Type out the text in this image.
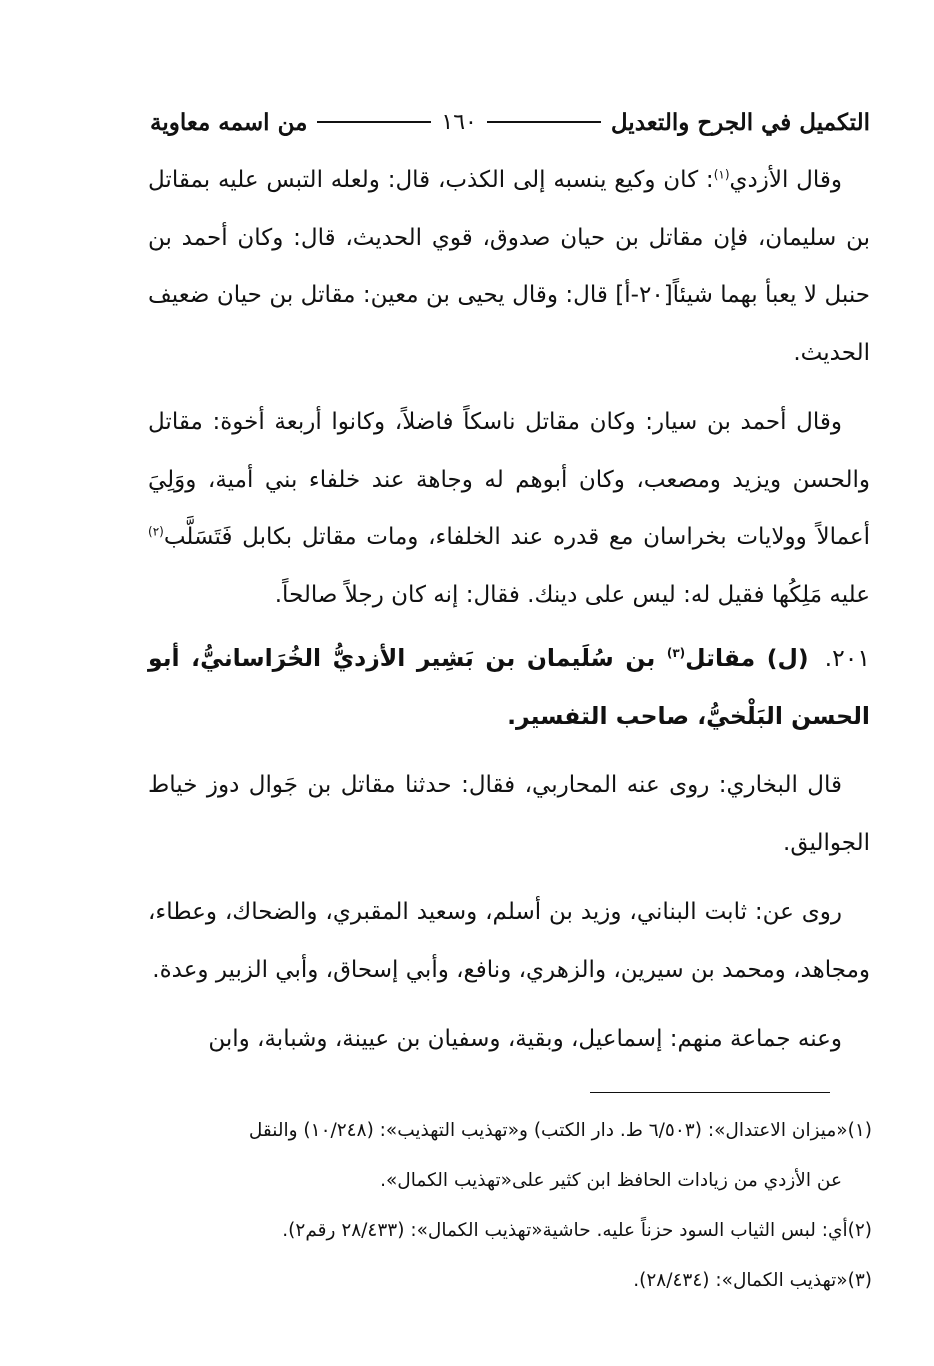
التكميل في الجرح والتعديل
١٦٠
من اسمه معاوية

وقال الأزدي$^{(١)}$: كان وكيع ينسبه إلى الكذب، قال: ولعله التبس عليه بمقاتل بن سليمان، فإن مقاتل بن حيان صدوق، قوي الحديث، قال: وكان أحمد بن حنبل لا يعبأ بهما شيئاً[٢٠-أ] قال: وقال يحيى بن معين: مقاتل بن حيان ضعيف الحديث.

وقال أحمد بن سيار: وكان مقاتل ناسكاً فاضلاً، وكانوا أربعة أخوة: مقاتل والحسن ويزيد ومصعب، وكان أبوهم له وجاهة عند خلفاء بني أمية، ووَلِيَ أعمالاً وولايات بخراسان مع قدره عند الخلفاء، ومات مقاتل بكابل فَتَسَلَّب$^{(٢)}$ عليه مَلِكُها فقيل له: ليس على دينك. فقال: إنه كان رجلاً صالحاً.

٢٠١.(ل) مقاتل$^{(٣)}$ بن سُلَيمان بن بَشِير الأزديُّ الخُرَاسانيُّ، أبو الحسن البَلْخيُّ، صاحب التفسير.

قال البخاري: روى عنه المحاربي، فقال: حدثنا مقاتل بن جَوال دوز خياط الجواليق.

روى عن: ثابت البناني، وزيد بن أسلم، وسعيد المقبري، والضحاك، وعطاء، ومجاهد، ومحمد بن سيرين، والزهري، ونافع، وأبي إسحاق، وأبي الزبير وعدة.

وعنه جماعة منهم: إسماعيل، وبقية، وسفيان بن عيينة، وشبابة، وابن

(١)«ميزان الاعتدال»: (٦/٥٠٣ ط. دار الكتب) و«تهذيب التهذيب»: (١٠/٢٤٨) والنقل

عن الأزدي من زيادات الحافظ ابن كثير على«تهذيب الكمال».

(٢)أي: لبس الثياب السود حزناً عليه. حاشية«تهذيب الكمال»: (٢٨/٤٣٣ رقم٢).

(٣)«تهذيب الكمال»: (٢٨/٤٣٤).
